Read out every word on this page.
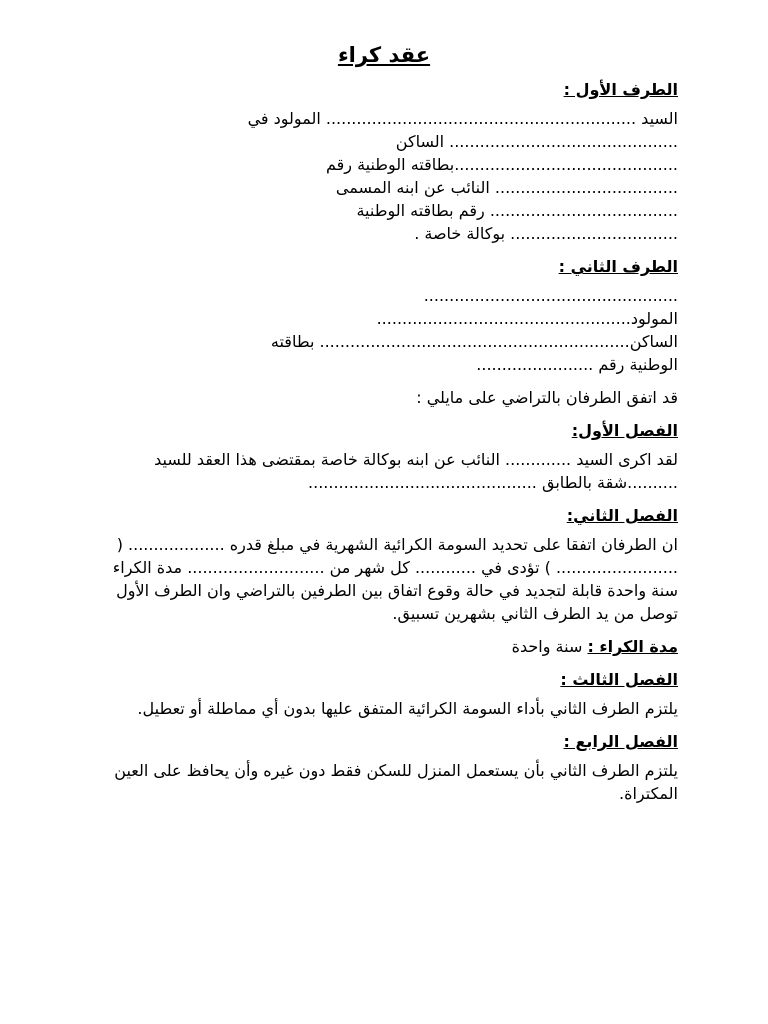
عقد كراء
الطرف الأول :

السيد ............................................................. المولود في

............................................. الساكن

............................................بطاقته الوطنية رقم

.................................... النائب عن ابنه المسمى

..................................... رقم بطاقته الوطنية

................................. بوكالة خاصة .

الطرف الثاني :

..................................................

المولود..................................................

الساكن............................................................. بطاقته

الوطنية رقم .......................

قد اتفق الطرفان بالتراضي على مايلي :

الفصل الأول:

لقد اكرى السيد ............. النائب عن ابنه بوكالة خاصة بمقتضى هذا العقد للسيد ..........شقة بالطابق .............................................

الفصل الثاني:

ان الطرفان اتفقا على تحديد السومة الكرائية الشهرية في مبلغ قدره ................... ( ........................ ) تؤدى في ............ كل شهر من ........................... مدة الكراء سنة واحدة قابلة لتجديد في حالة وقوع اتفاق بين الطرفين بالتراضي وان الطرف الأول توصل من يد الطرف الثاني بشهرين تسبيق.

مدة الكراء : سنة واحدة

الفصل الثالث :

يلتزم الطرف الثاني بأداء السومة الكرائية المتفق عليها بدون أي مماطلة أو تعطيل.

الفصل الرابع :

يلتزم الطرف الثاني بأن يستعمل المنزل للسكن فقط دون غيره وأن يحافظ على العين المكتراة.
